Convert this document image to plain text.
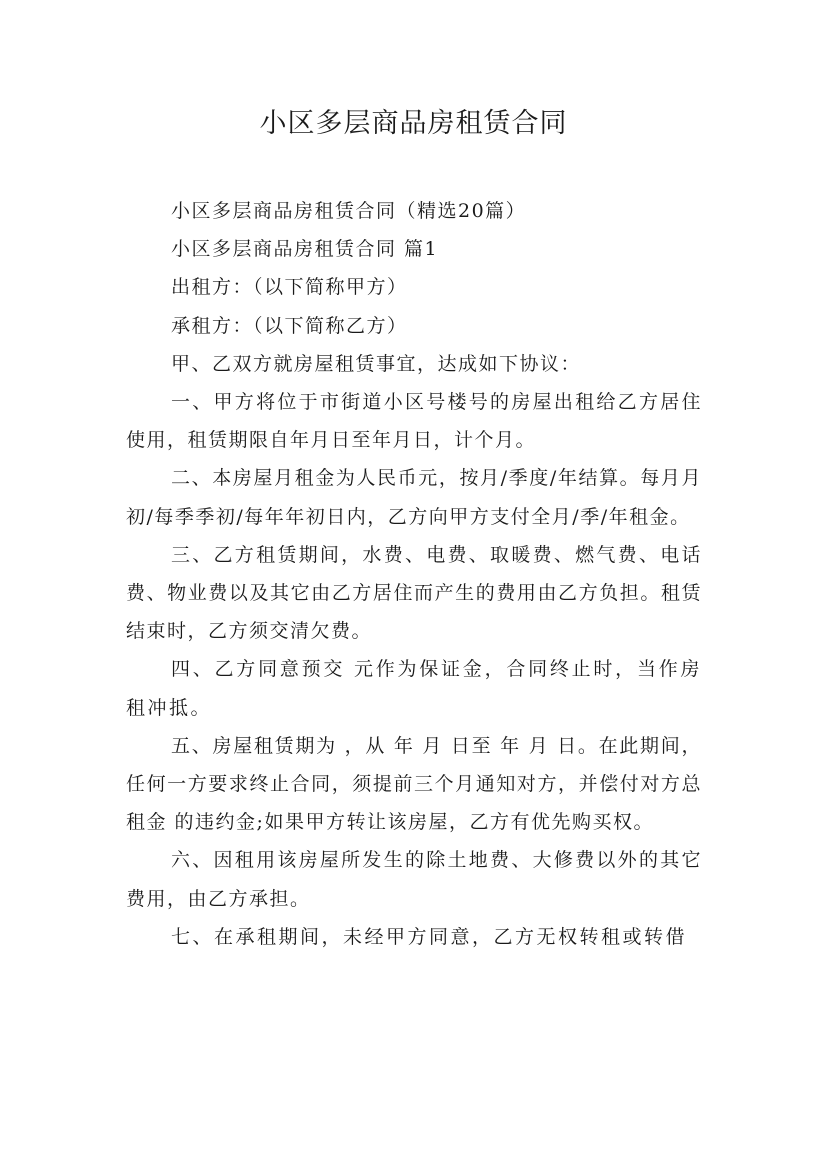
小区多层商品房租赁合同

小区多层商品房租赁合同（精选20篇）

小区多层商品房租赁合同 篇1

出租方：（以下简称甲方）

承租方：（以下简称乙方）

甲、乙双方就房屋租赁事宜，达成如下协议：

一、甲方将位于市街道小区号楼号的房屋出租给乙方居住使用，租赁期限自年月日至年月日，计个月。

二、本房屋月租金为人民币元，按月/季度/年结算。每月月初/每季季初/每年年初日内，乙方向甲方支付全月/季/年租金。

三、乙方租赁期间，水费、电费、取暖费、燃气费、电话费、物业费以及其它由乙方居住而产生的费用由乙方负担。租赁结束时，乙方须交清欠费。

四、乙方同意预交 元作为保证金，合同终止时，当作房租冲抵。

五、房屋租赁期为 ，从 年 月 日至 年 月 日。在此期间，任何一方要求终止合同，须提前三个月通知对方，并偿付对方总租金 的违约金;如果甲方转让该房屋，乙方有优先购买权。

六、因租用该房屋所发生的除土地费、大修费以外的其它费用，由乙方承担。

七、在承租期间，未经甲方同意，乙方无权转租或转借
